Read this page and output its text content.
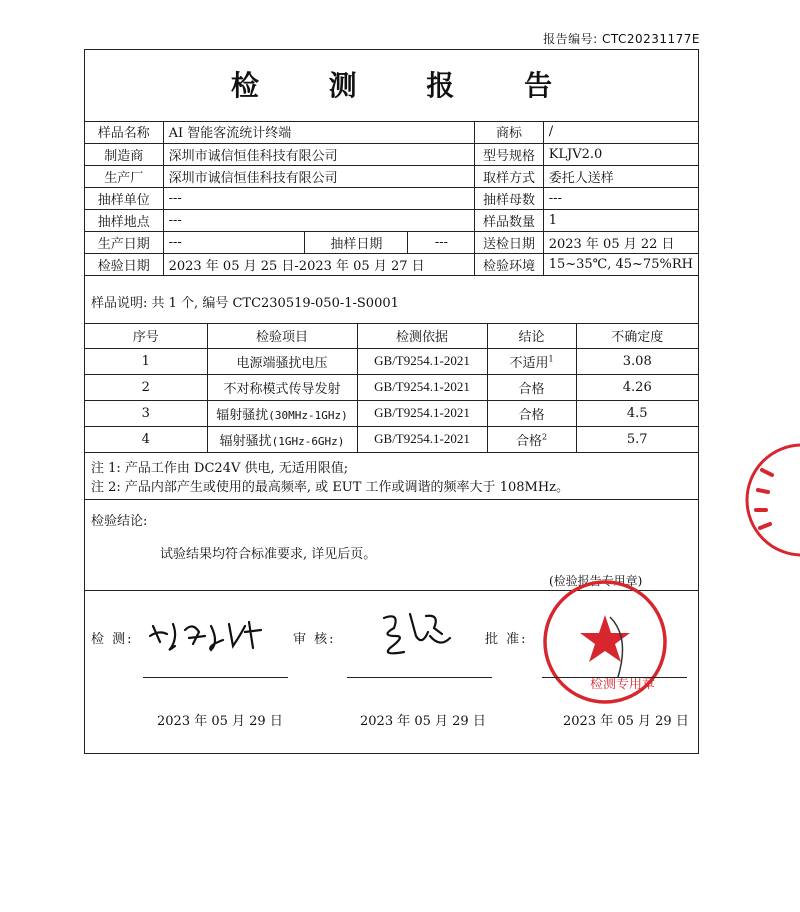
报告编号: CTC20231177E
检 测 报 告
样品名称	AI 智能客流统计终端			商标	/
制造商	深圳市诚信恒佳科技有限公司			型号规格	KLJV2.0
生产厂	深圳市诚信恒佳科技有限公司			取样方式	委托人送样
抽样单位	---			抽样母数	---
抽样地点	---			样品数量	1
生产日期	---	抽样日期	---	送检日期	2023 年 05 月 22 日
检验日期	2023 年 05 月 25 日-2023 年 05 月 27 日			检验环境	15~35℃, 45~75%RH
样品说明: 共 1 个, 编号 CTC230519-050-1-S0001
序号	检验项目	检测依据	结论	不确定度
1	电源端骚扰电压	GB/T9254.1-2021	不适用$^1$	3.08
2	不对称模式传导发射	GB/T9254.1-2021	合格	4.26
3	辐射骚扰(30MHz-1GHz)	GB/T9254.1-2021	合格	4.5
4	辐射骚扰(1GHz-6GHz)	GB/T9254.1-2021	合格$^2$	5.7
注 1: 产品工作由 DC24V 供电, 无适用限值;
注 2: 产品内部产生或使用的最高频率, 或 EUT 工作或调谐的频率大于 108MHz。
检验结论:
试验结果均符合标准要求, 详见后页。
(检验报告专用章)
检 测:	审 核:	批 准:
检测专用章
2023 年 05 月 29 日	2023 年 05 月 29 日	2023 年 05 月 29 日
